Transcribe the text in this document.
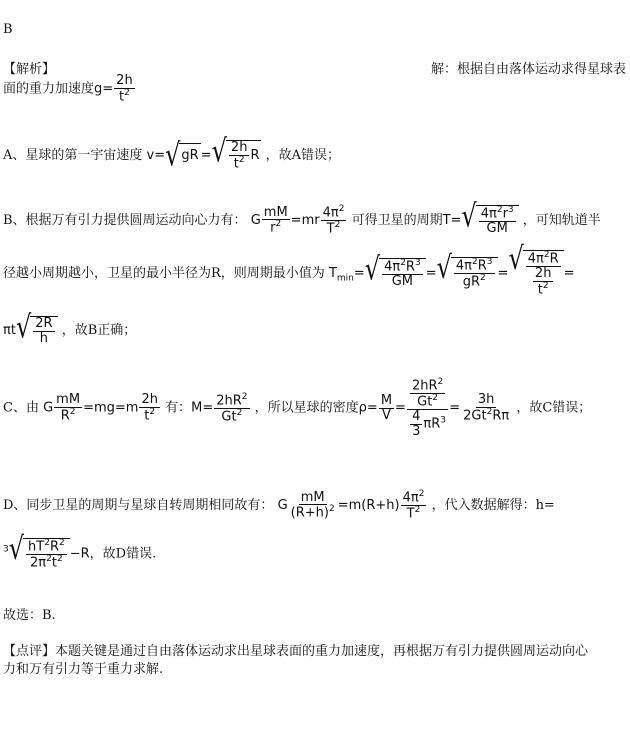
B
【解析】	解：根据自由落体运动求得星球表
面的重力加速度$g= \frac{2h}{t^2}$
A、星球的第一宇宙速度 v= √ gR = √ $\frac{2h}{t^2}$ R ，故A错误；
B、根据万有引力提供圆周运动向心力有： G $\frac{mM}{r^2} =mr \frac{4\pi^2}{T^2}$ 可得卫星的周期T= √ $\frac{4\pi^2r^3}{GM}$ ，可知轨道半
径越小周期越小，卫星的最小半径为R，则周期最小值为 $T_{min}=$ √ $\frac{4\pi^2R^3}{GM}$ = √ $\frac{4\pi^2R^3}{gR^2}$ = √ $\frac{4\pi^2R}{\frac{2h}{t^2}}$ =
πt √ $\frac{2R}{h}$ ，故B正确；
C、由 G $\frac{mM}{R^2} =mg=m \frac{2h}{t^2}$ 有：$M= \frac{2hR^2}{Gt^2}$ ，所以星球的密度$\rho= \frac{M}{V} = \frac{\frac{2hR^2}{Gt^2}}{\frac{4}{3} \pi R^3} = \frac{3h}{2Gt^2R\pi}$ ，故C错误；
D、同步卫星的周期与星球自转周期相同故有： G $\frac{mM}{(R+h)^2} =m(R+h) \frac{4\pi^2}{T^2}$ ，代入数据解得：h=
$^3$ √ $\frac{hT^2R^2}{2\pi^2t^2} -R$，故D错误.
故选：B.
【点评】本题关键是通过自由落体运动求出星球表面的重力加速度，再根据万有引力提供圆周运动向心
力和万有引力等于重力求解.
